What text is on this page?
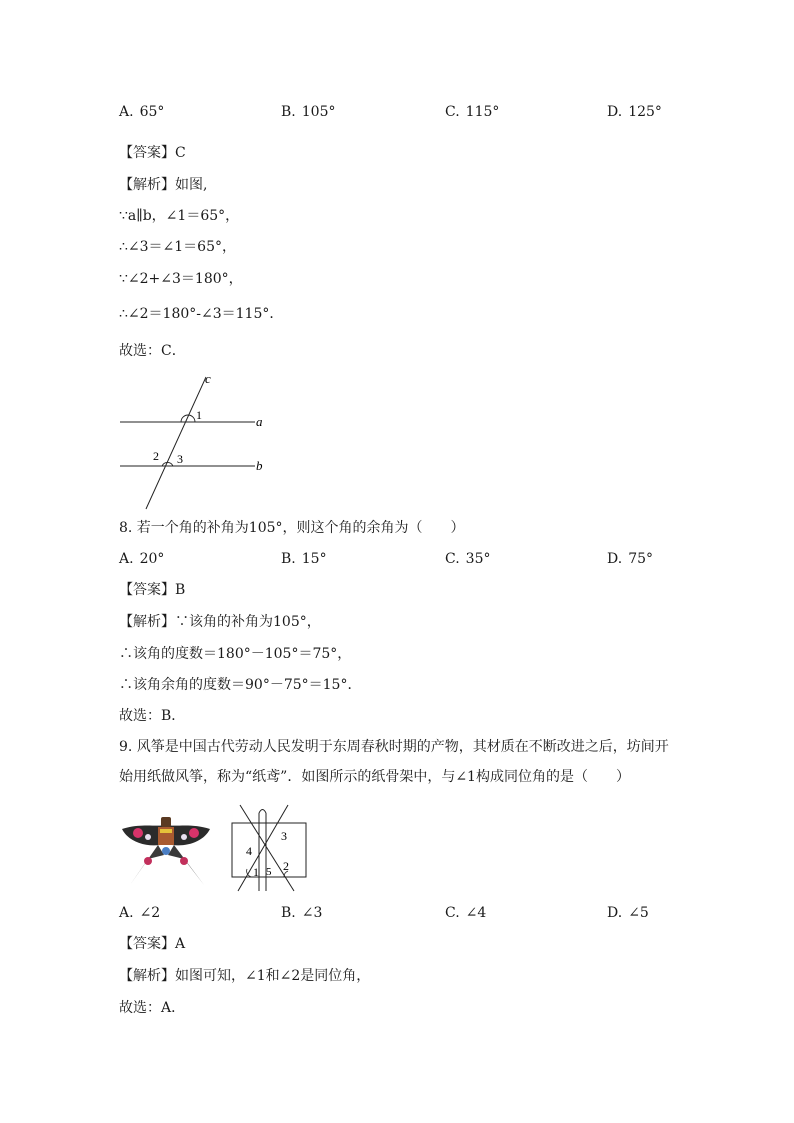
A. 65°	B. 105°	C. 115°	D. 125°
【答案】C
【解析】如图,
∵a∥b，∠1＝65°，
∴∠3＝∠1＝65°，
∵∠2+∠3＝180°，
∴∠2＝180°-∠3＝115°．
故选：C．
c
1	a
2 3	b
8. 若一个角的补角为105°，则这个角的余角为（　　）
A. 20°	B. 15°	C. 35°	D. 75°
【答案】B
【解析】∵该角的补角为105°，
∴该角的度数＝180°－105°＝75°，
∴该角余角的度数＝90°－75°＝15°．
故选：B．
9. 风筝是中国古代劳动人民发明于东周春秋时期的产物，其材质在不断改进之后，坊间开
始用纸做风筝，称为“纸鸢”．如图所示的纸骨架中，与∠1构成同位角的是（　　）
3
4
2
1 5
A. ∠2	B. ∠3	C. ∠4	D. ∠5
【答案】A
【解析】如图可知，∠1和∠2是同位角，
故选：A．
